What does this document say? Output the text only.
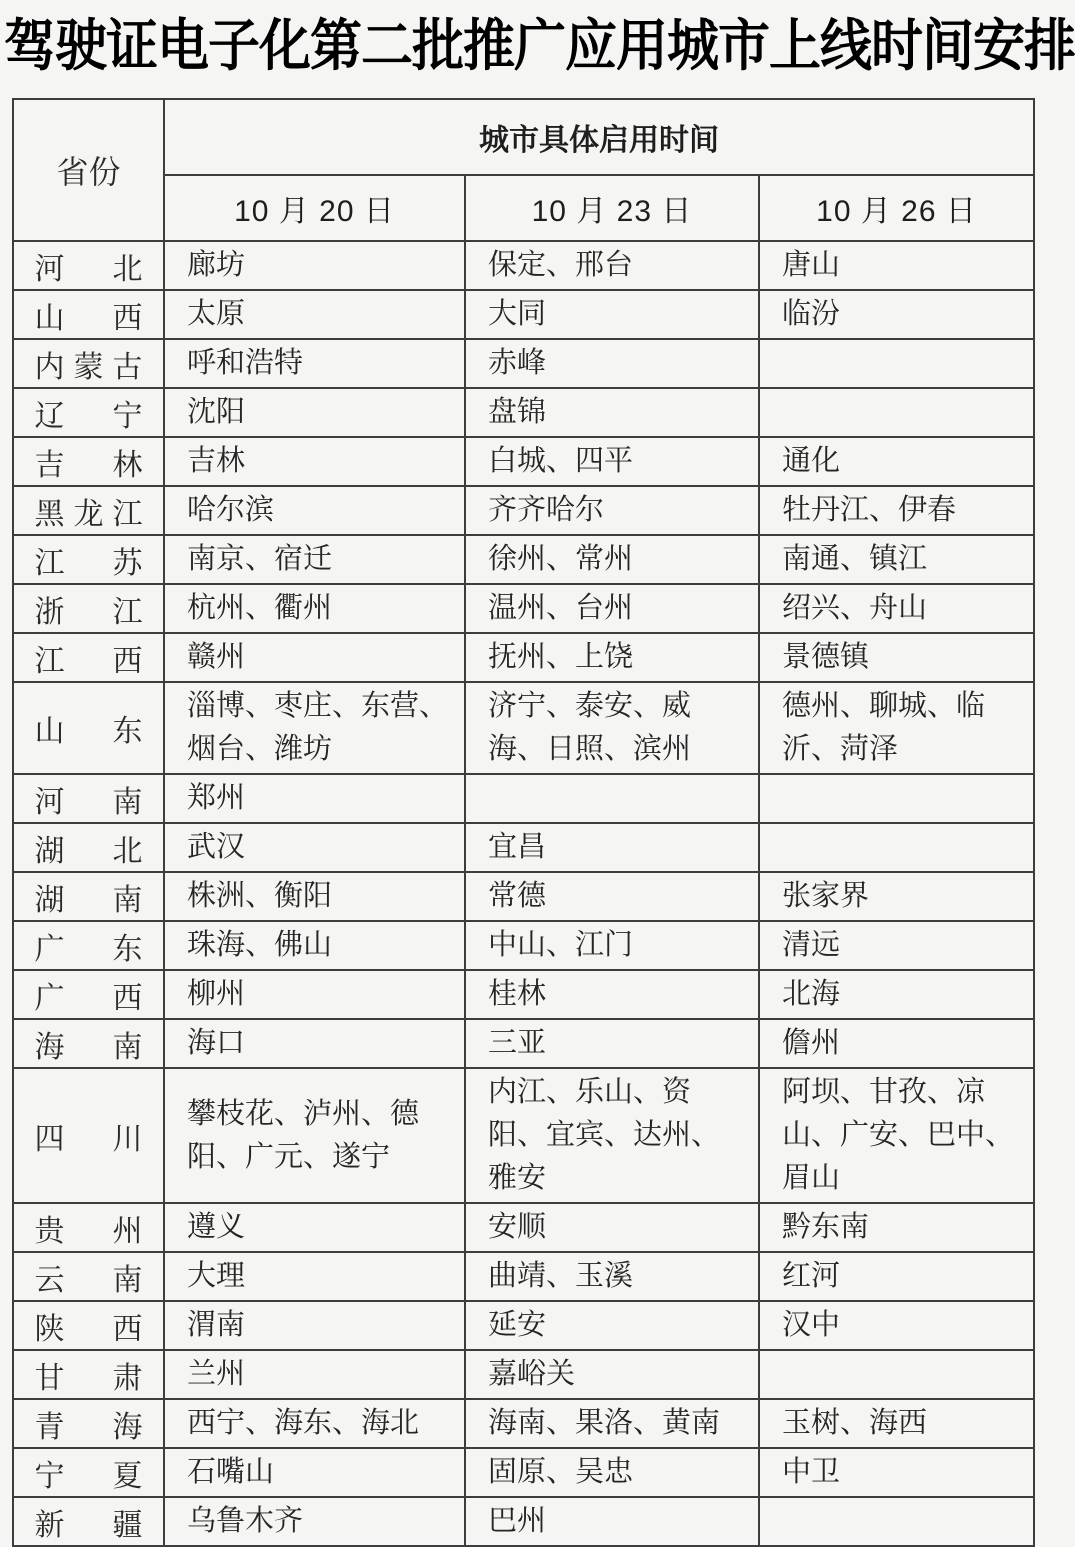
驾驶证电子化第二批推广应用城市上线时间安排
省份	城市具体启用时间		
	10 月 20 日	10 月 23 日	10 月 26 日
河北	廊坊	保定、邢台	唐山
山西	太原	大同	临汾
内蒙古	呼和浩特	赤峰	
辽宁	沈阳	盘锦	
吉林	吉林	白城、四平	通化
黑龙江	哈尔滨	齐齐哈尔	牡丹江、伊春
江苏	南京、宿迁	徐州、常州	南通、镇江
浙江	杭州、衢州	温州、台州	绍兴、舟山
江西	赣州	抚州、上饶	景德镇
山东	淄博、枣庄、东营、烟台、潍坊	济宁、泰安、威海、日照、滨州	德州、聊城、临沂、菏泽
河南	郑州		
湖北	武汉	宜昌	
湖南	株洲、衡阳	常德	张家界
广东	珠海、佛山	中山、江门	清远
广西	柳州	桂林	北海
海南	海口	三亚	儋州
四川	攀枝花、泸州、德阳、广元、遂宁	内江、乐山、资阳、宜宾、达州、雅安	阿坝、甘孜、凉山、广安、巴中、眉山
贵州	遵义	安顺	黔东南
云南	大理	曲靖、玉溪	红河
陕西	渭南	延安	汉中
甘肃	兰州	嘉峪关	
青海	西宁、海东、海北	海南、果洛、黄南	玉树、海西
宁夏	石嘴山	固原、吴忠	中卫
新疆	乌鲁木齐	巴州	
